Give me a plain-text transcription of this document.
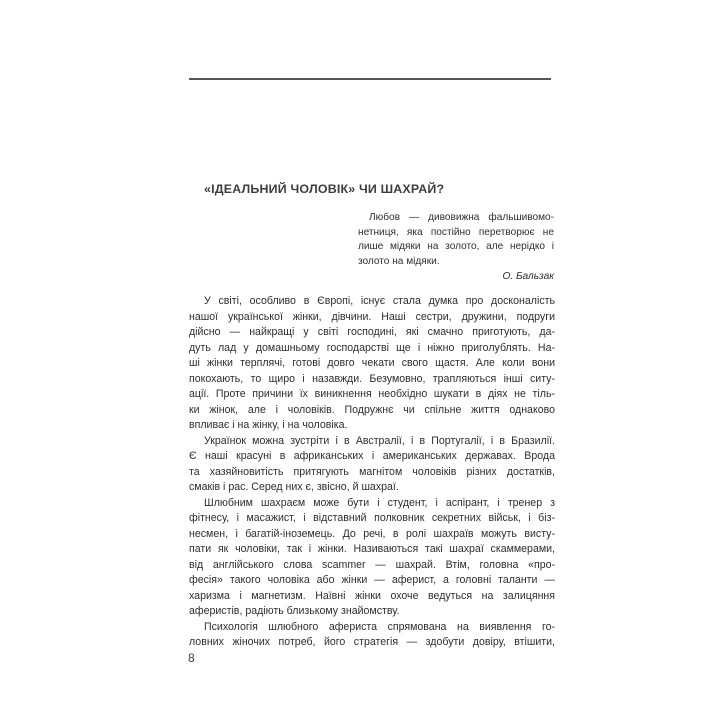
«ІДЕАЛЬНИЙ ЧОЛОВІК» ЧИ ШАХРАЙ?
Любов — дивовижна фальшивомо-
нетниця, яка постійно перетворює не
лише мідяки на золото, але нерідко і
золото на мідяки.
О. Бальзак
У світі, особливо в Європі, існує стала думка про досконалість
нашої української жінки, дівчини. Наші сестри, дружини, подруги
дійсно — найкращі у світі господині, які смачно приготують, да-
дуть лад у домашньому господарстві ще і ніжно приголублять. На-
ші жінки терплячі, готові довго чекати свого щастя. Але коли вони
покохають, то щиро і назавжди. Безумовно, трапляються інші ситу-
ації. Проте причини їх виникнення необхідно шукати в діях не тіль-
ки жінок, але і чоловіків. Подружнє чи спільне життя однаково
впливає і на жінку, і на чоловіка.
Українок можна зустріти і в Австралії, і в Португалії, і в Бразилії.
Є наші красуні в африканських і американських державах. Врода
та хазяйновитість притягують магнітом чоловіків різних достатків,
смаків і рас. Серед них є, звісно, й шахраї.
Шлюбним шахраєм може бути і студент, і аспірант, і тренер з
фітнесу, і масажист, і відставний полковник секретних військ, і біз-
несмен, і багатій-іноземець. До речі, в ролі шахраїв можуть висту-
пати як чоловіки, так і жінки. Називаються такі шахраї скаммерами,
від англійського слова scammer — шахрай. Втім, головна «про-
фесія» такого чоловіка або жінки — аферист, а головні таланти —
харизма і магнетизм. Наївні жінки охоче ведуться на залицяння
аферистів, радіють близькому знайомству.
Психологія шлюбного афериста спрямована на виявлення го-
ловних жіночих потреб, його стратегія — здобути довіру, втішити,
8
